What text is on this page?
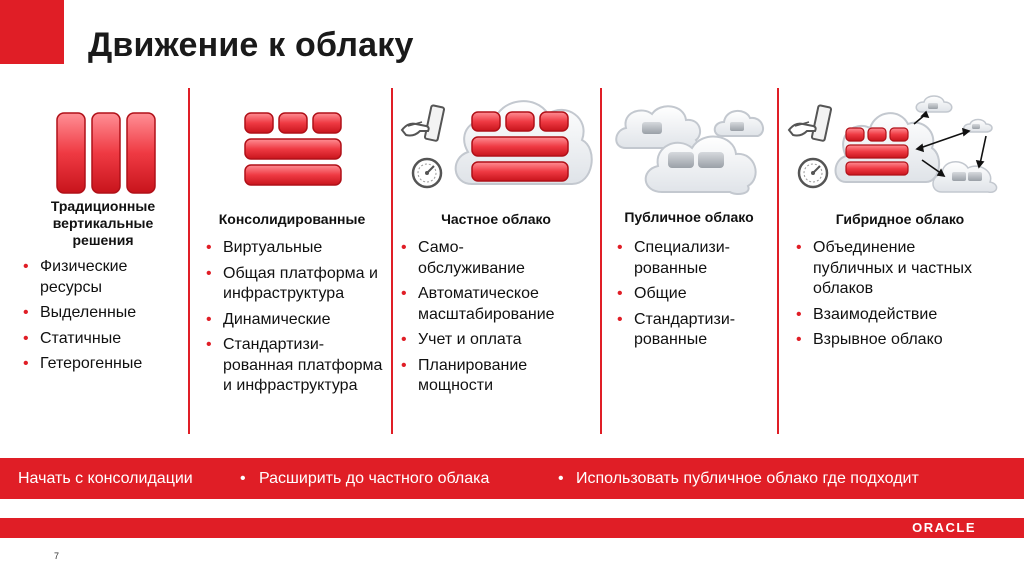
Движение к облаку
Традиционные вертикальные решения
• Физические ресурсы
• Выделенные
• Статичные
• Гетерогенные
Консолидированные
• Виртуальные
• Общая платформа и инфраструктура
• Динамические
• Стандартизи-рованная платформа и инфраструктура
Частное облако
• Само-обслуживание
• Автоматическое масштабирование
• Учет и оплата
• Планирование мощности
Публичное облако
• Специализи-рованные
• Общие
• Стандартизи-рованные
Гибридное облако
• Объединение публичных и частных облаков
• Взаимодействие
• Взрывное облако
Начать с консолидации	• Расширить до частного облака	• Использовать публичное облако где подходит
ORACLE
7
